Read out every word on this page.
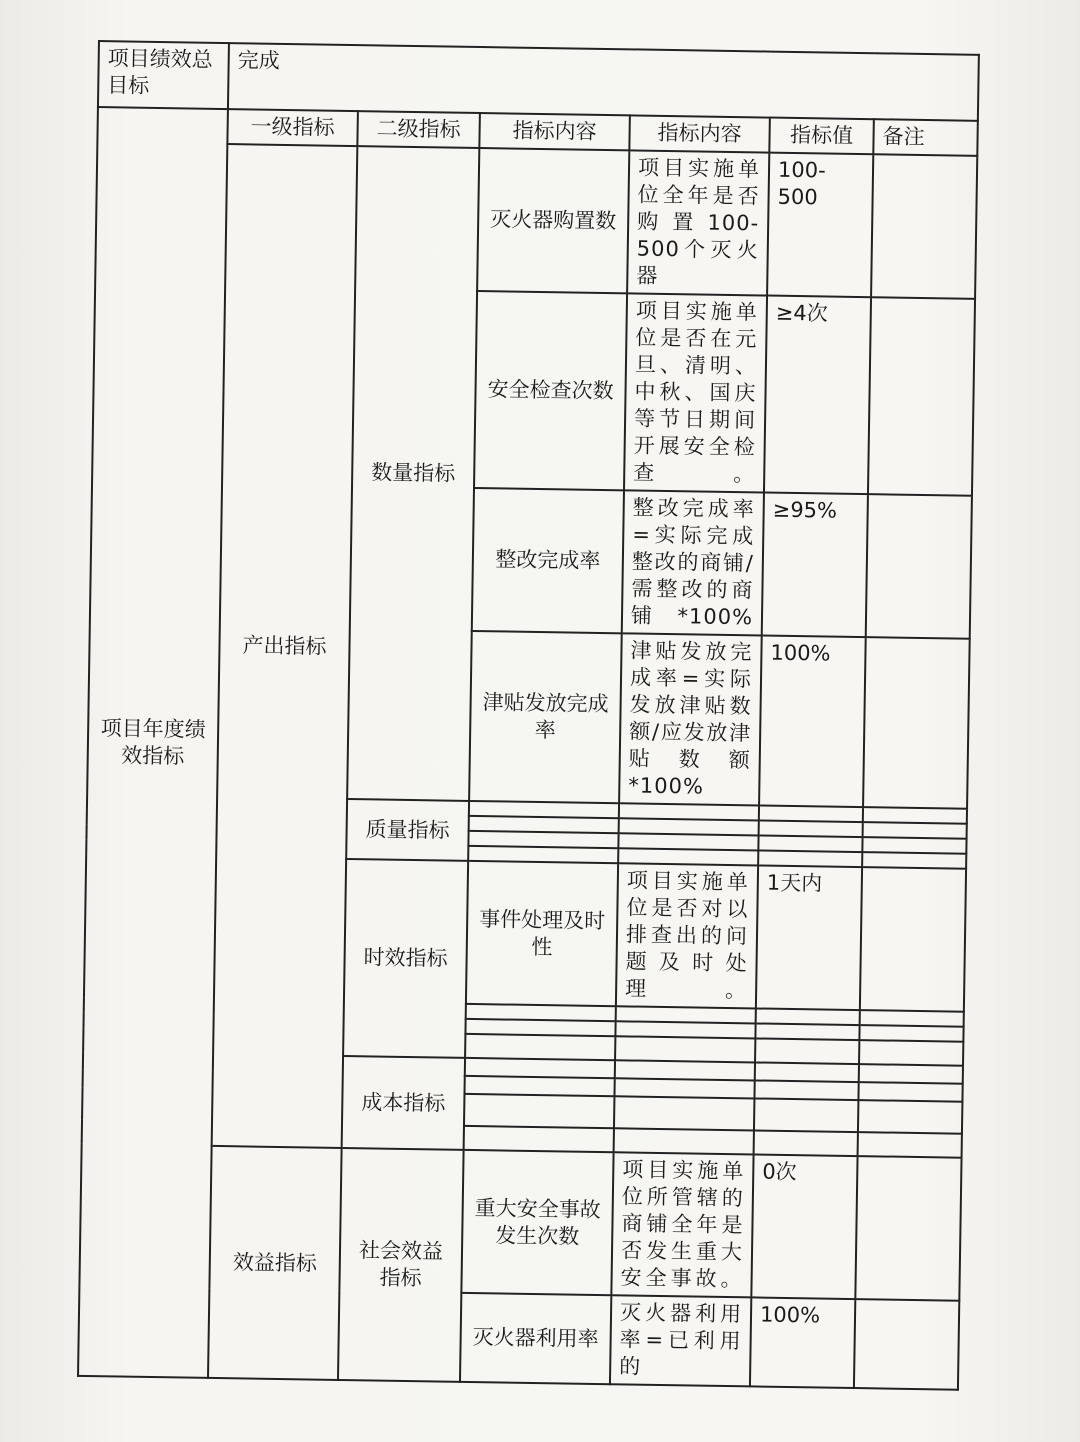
项目绩效总目标	完成					
项目年度绩效指标	一级指标	二级指标	指标内容	指标内容	指标值	备注
	产出指标	数量指标	灭火器购置数	项目实施单位全年是否购置100-500个灭火器	100-500	
			安全检查次数	项目实施单位是否在元旦、清明、中秋、国庆等节日期间开展安全检查。	≥4次	
			整改完成率	整改完成率=实际完成整改的商铺/需整改的商铺*100%	≥95%	
			津贴发放完成率	津贴发放完成率=实际发放津贴数额/应发放津贴数额*100%	100%	
		质量指标				

		时效指标	事件处理及时性	项目实施单位是否对以排查出的问题及时处理。	1天内	

		成本指标				

	效益指标	社会效益指标	重大安全事故发生次数	项目实施单位所管辖的商铺全年是否发生重大安全事故。	0次	
			灭火器利用率	灭火器利用率=已利用的	100%	
